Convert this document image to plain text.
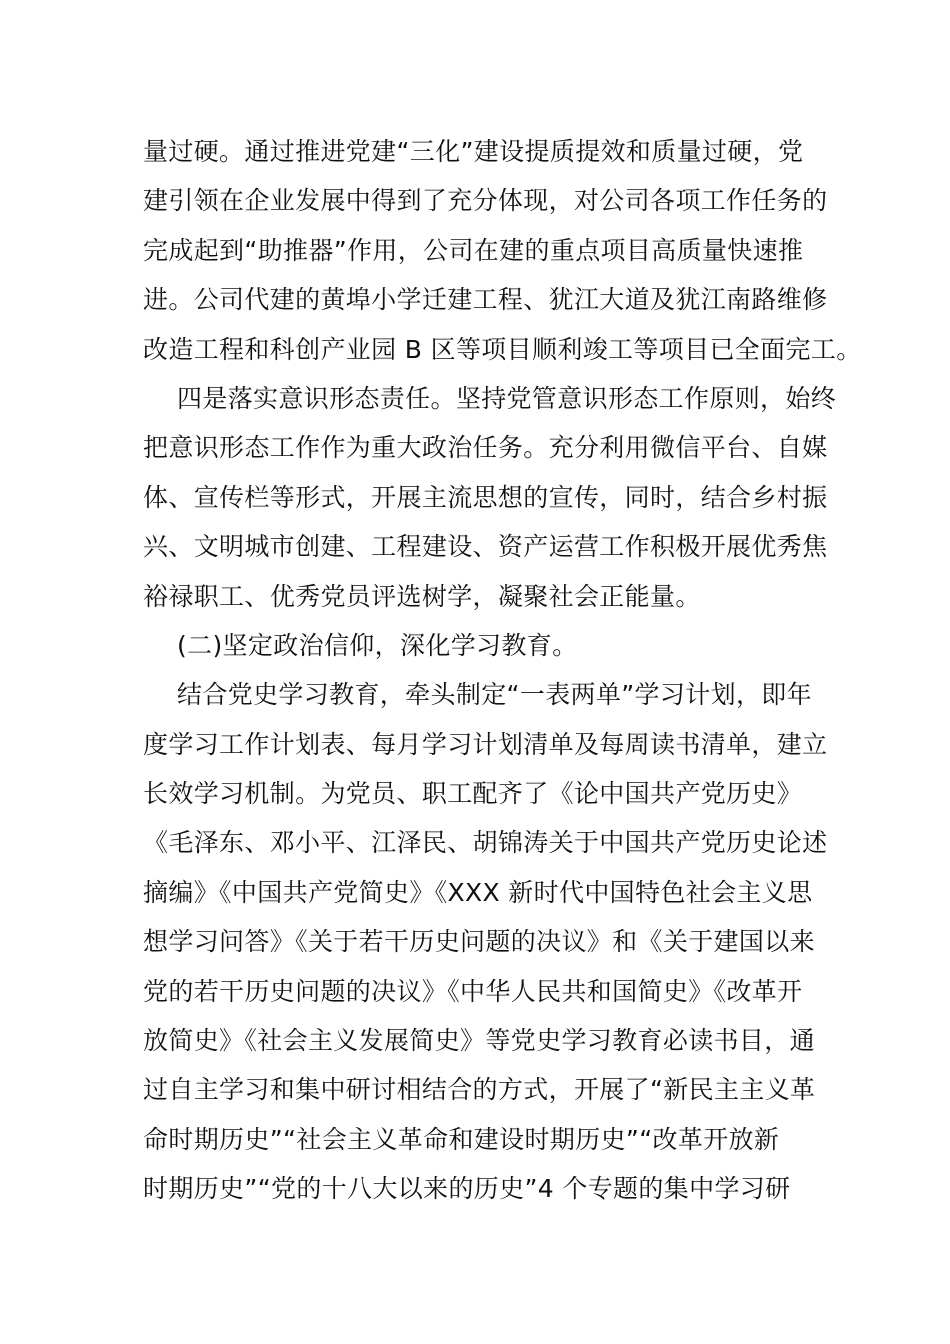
量过硬。通过推进党建“三化”建设提质提效和质量过硬，党
建引领在企业发展中得到了充分体现，对公司各项工作任务的
完成起到“助推器”作用，公司在建的重点项目高质量快速推
进。公司代建的黄埠小学迁建工程、犹江大道及犹江南路维修
改造工程和科创产业园 B 区等项目顺利竣工等项目已全面完工。
四是落实意识形态责任。坚持党管意识形态工作原则，始终
把意识形态工作作为重大政治任务。充分利用微信平台、自媒
体、宣传栏等形式，开展主流思想的宣传，同时，结合乡村振
兴、文明城市创建、工程建设、资产运营工作积极开展优秀焦
裕禄职工、优秀党员评选树学，凝聚社会正能量。
(二)坚定政治信仰，深化学习教育。
结合党史学习教育，牵头制定“一表两单”学习计划，即年
度学习工作计划表、每月学习计划清单及每周读书清单，建立
长效学习机制。为党员、职工配齐了《论中国共产党历史》
《毛泽东、邓小平、江泽民、胡锦涛关于中国共产党历史论述
摘编》《中国共产党简史》《XXX 新时代中国特色社会主义思
想学习问答》《关于若干历史问题的决议》和《关于建国以来
党的若干历史问题的决议》《中华人民共和国简史》《改革开
放简史》《社会主义发展简史》等党史学习教育必读书目，通
过自主学习和集中研讨相结合的方式，开展了“新民主主义革
命时期历史”“社会主义革命和建设时期历史”“改革开放新
时期历史”“党的十八大以来的历史”4 个专题的集中学习研
